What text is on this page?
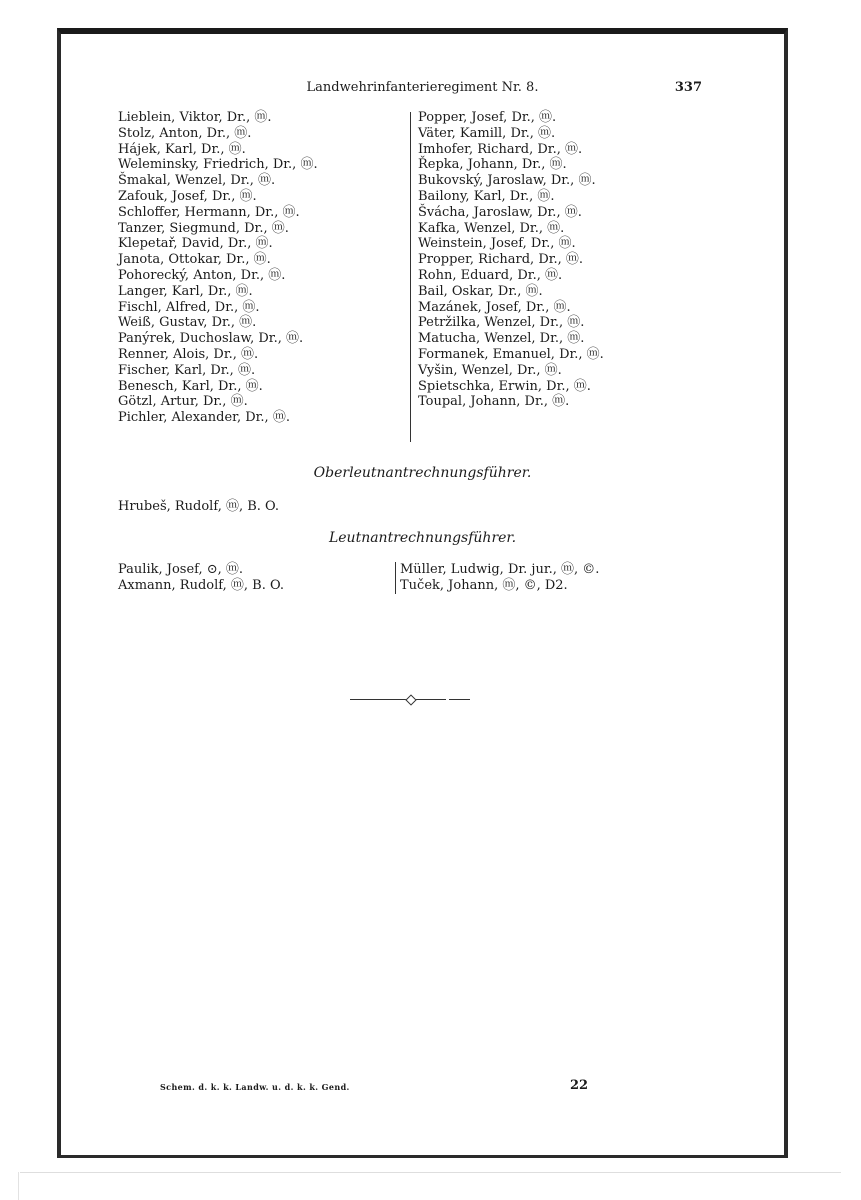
Landwehrinfanterieregiment Nr. 8.	337
Lieblein, Viktor, Dr., ⓜ.
Stolz, Anton, Dr., ⓜ.
Hájek, Karl, Dr., ⓜ.
Weleminsky, Friedrich, Dr., ⓜ.
Šmakal, Wenzel, Dr., ⓜ.
Zafouk, Josef, Dr., ⓜ.
Schloffer, Hermann, Dr., ⓜ.
Tanzer, Siegmund, Dr., ⓜ.
Klepetař, David, Dr., ⓜ.
Janota, Ottokar, Dr., ⓜ.
Pohorecký, Anton, Dr., ⓜ.
Langer, Karl, Dr., ⓜ.
Fischl, Alfred, Dr., ⓜ.
Weiß, Gustav, Dr., ⓜ.
Panýrek, Duchoslaw, Dr., ⓜ.
Renner, Alois, Dr., ⓜ.
Fischer, Karl, Dr., ⓜ.
Benesch, Karl, Dr., ⓜ.
Götzl, Artur, Dr., ⓜ.
Pichler, Alexander, Dr., ⓜ.
Popper, Josef, Dr., ⓜ.
Väter, Kamill, Dr., ⓜ.
Imhofer, Richard, Dr., ⓜ.
Řepka, Johann, Dr., ⓜ.
Bukovský, Jaroslaw, Dr., ⓜ.
Bailony, Karl, Dr., ⓜ.
Švácha, Jaroslaw, Dr., ⓜ.
Kafka, Wenzel, Dr., ⓜ.
Weinstein, Josef, Dr., ⓜ.
Propper, Richard, Dr., ⓜ.
Rohn, Eduard, Dr., ⓜ.
Bail, Oskar, Dr., ⓜ.
Mazánek, Josef, Dr., ⓜ.
Petržilka, Wenzel, Dr., ⓜ.
Matucha, Wenzel, Dr., ⓜ.
Formanek, Emanuel, Dr., ⓜ.
Vyšin, Wenzel, Dr., ⓜ.
Spietschka, Erwin, Dr., ⓜ.
Toupal, Johann, Dr., ⓜ.
Oberleutnantrechnungsführer.
Hrubeš, Rudolf, ⓜ, B. O.
Leutnantrechnungsführer.
Paulik, Josef, ⊙, ⓜ.
Axmann, Rudolf, ⓜ, B. O.
Müller, Ludwig, Dr. jur., ⓜ, ©.
Tuček, Johann, ⓜ, ©, D2.
Schem. d. k. k. Landw. u. d. k. k. Gend.	22
